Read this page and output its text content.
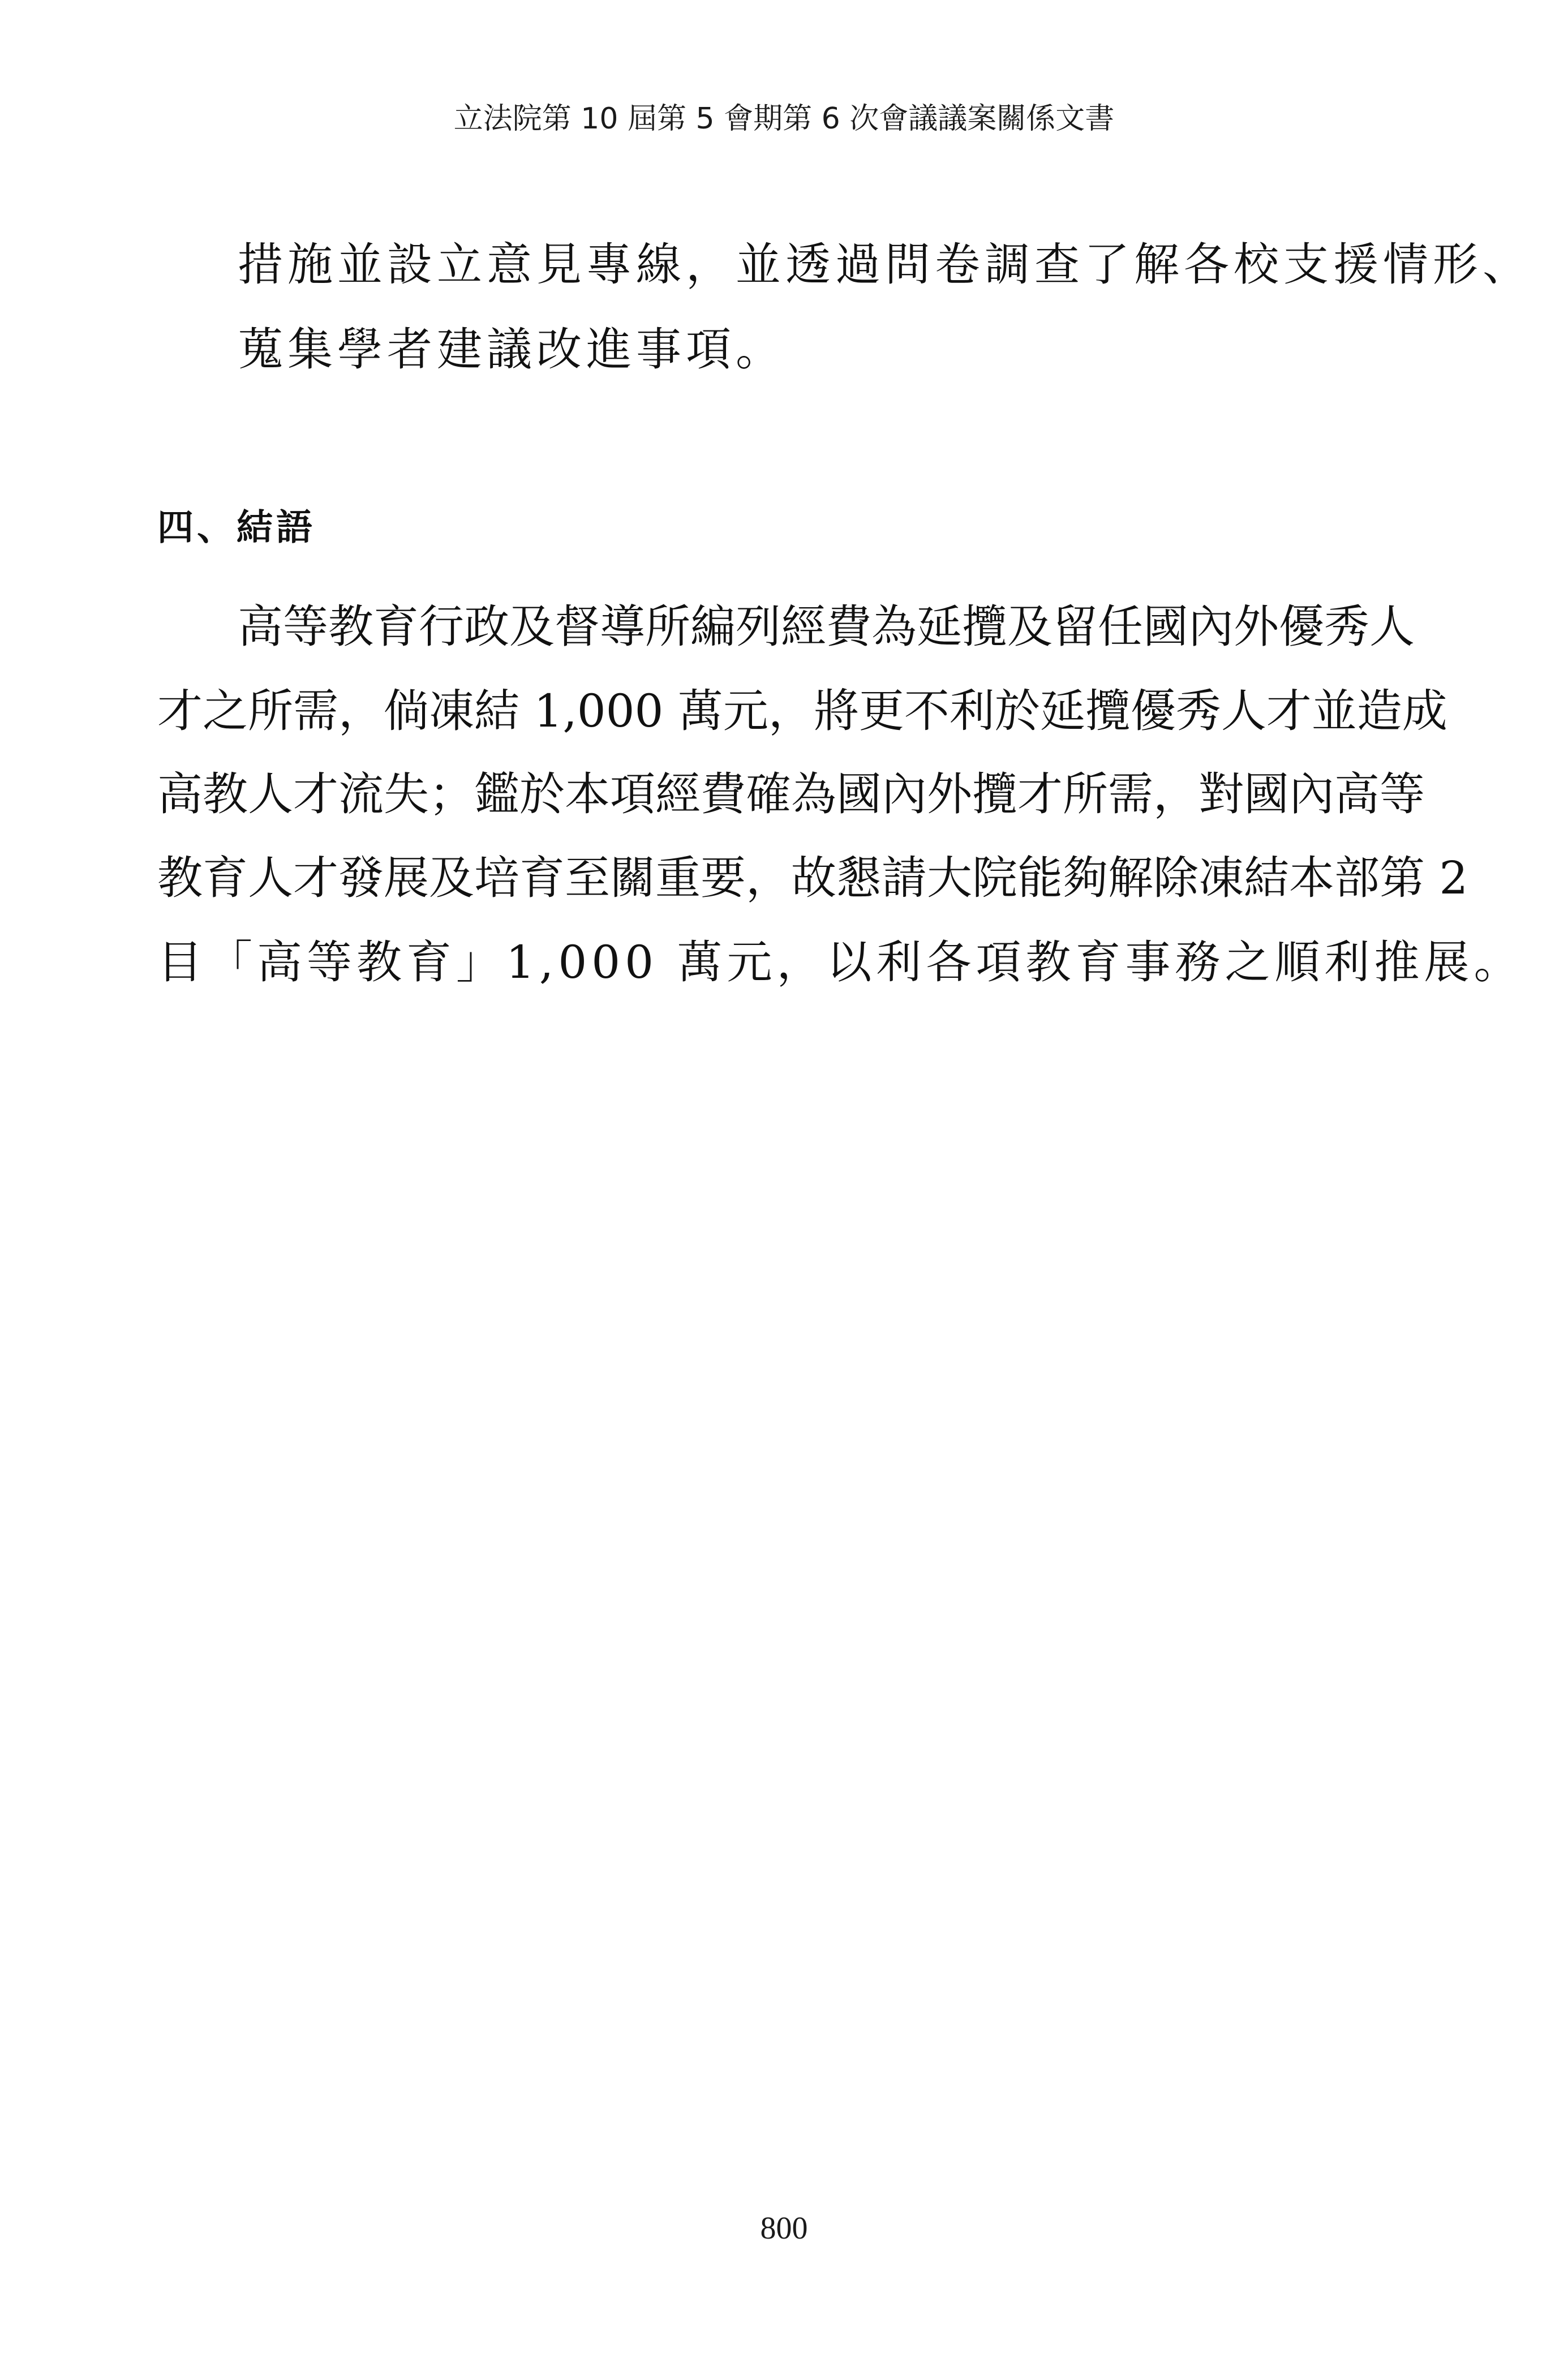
立法院第 10 屆第 5 會期第 6 次會議議案關係文書
措施並設立意見專線，並透過問卷調查了解各校支援情形、
蒐集學者建議改進事項。
四、結語
高等教育行政及督導所編列經費為延攬及留任國內外優秀人
才之所需，倘凍結 1,000 萬元，將更不利於延攬優秀人才並造成
高教人才流失；鑑於本項經費確為國內外攬才所需，對國內高等
教育人才發展及培育至關重要，故懇請大院能夠解除凍結本部第 2
目「高等教育」1,000 萬元，以利各項教育事務之順利推展。
800
